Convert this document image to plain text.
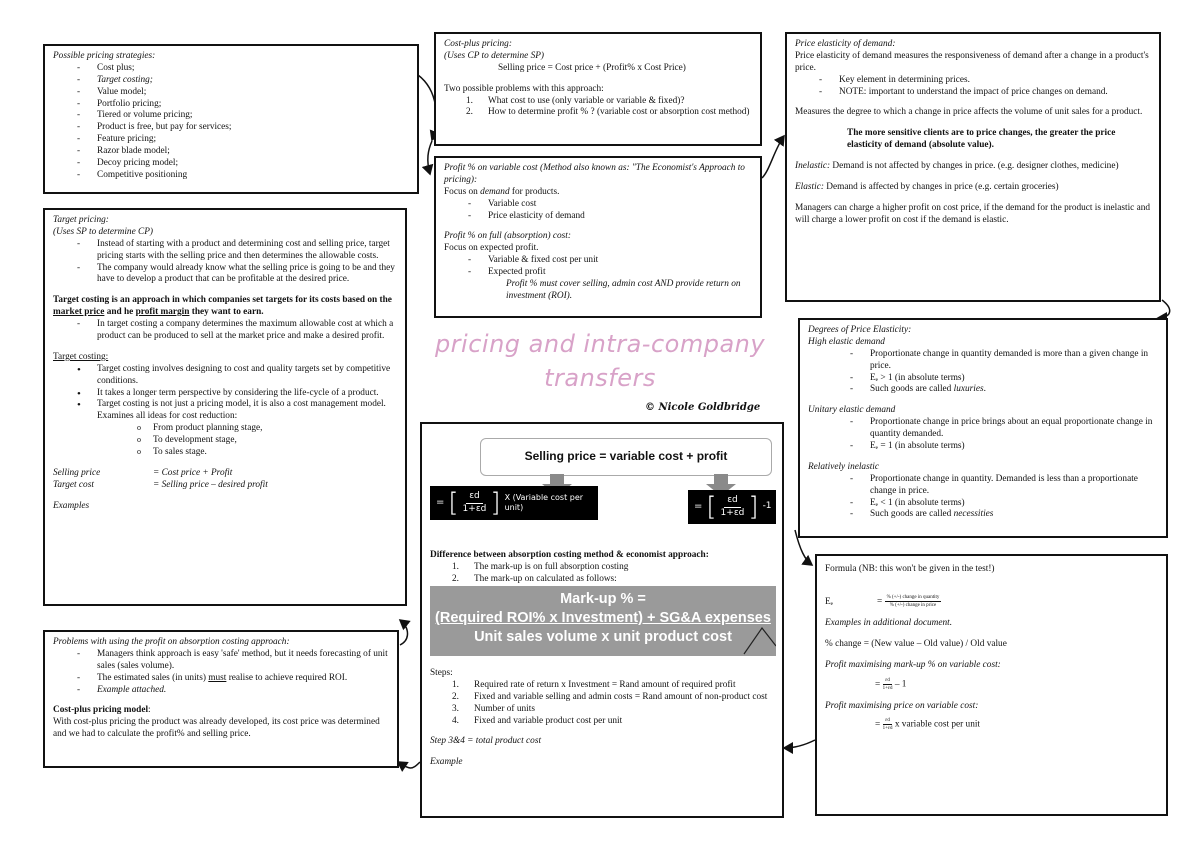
Possible pricing strategies:

- Cost plus;
- Target costing;
- Value model;
- Portfolio pricing;
- Tiered or volume pricing;
- Product is free, but pay for services;
- Feature pricing;
- Razor blade model;
- Decoy pricing model;
- Competitive positioning

Cost-plus pricing:

(Uses CP to determine SP)

Selling price = Cost price + (Profit% x Cost Price)

Two possible problems with this approach:

1. What cost to use (only variable or variable & fixed)?
2. How to determine profit % ? (variable cost or absorption cost method)

Profit % on variable cost (Method also known as: "The Economist's Approach to pricing):

Focus on demand for products.

- Variable cost
- Price elasticity of demand

Profit % on full (absorption) cost:

Focus on expected profit.

- Variable & fixed cost per unit
- Expected profit

Profit % must cover selling, admin cost AND provide return on investment (ROI).

Price elasticity of demand:

Price elasticity of demand measures the responsiveness of demand after a change in a product's price.

- Key element in determining prices.
- NOTE: important to understand the impact of price changes on demand.

Measures the degree to which a change in price affects the volume of unit sales for a product.

The more sensitive clients are to price changes, the greater the price elasticity of demand (absolute value).

Inelastic: Demand is not affected by changes in price. (e.g. designer clothes, medicine)

Elastic: Demand is affected by changes in price (e.g. certain groceries)

Managers can charge a higher profit on cost price, if the demand for the product is inelastic and will charge a lower profit on cost if the demand is elastic.

Target pricing:

(Uses SP to determine CP)

- Instead of starting with a product and determining cost and selling price, target pricing starts with the selling price and then determines the allowable costs.
- The company would already know what the selling price is going to be and they have to develop a product that can be profitable at the desired price.

Target costing is an approach in which companies set targets for its costs based on the market price and he profit margin they want to earn.

- In target costing a company determines the maximum allowable cost at which a product can be produced to sell at the market price and make a desired profit.

Target costing:

• Target costing involves designing to cost and quality targets set by competitive conditions.
• It takes a longer term perspective by considering the life-cycle of a product.
• Target costing is not just a pricing model, it is also a cost management model. Examines all ideas for cost reduction:
o From product planning stage,
o To development stage,
o To sales stage.

Selling price	= Cost price + Profit

Target cost	= Selling price – desired profit

Examples

pricing and intra-company
transfers
© Nicole Goldbridge

Degrees of Price Elasticity:

High elastic demand

- Proportionate change in quantity demanded is more than a given change in price.
- Eₑ > 1 (in absolute terms)
- Such goods are called luxuries.

Unitary elastic demand

- Proportionate change in price brings about an equal proportionate change in quantity demanded.
- Eₑ = 1 (in absolute terms)

Relatively inelastic

- Proportionate change in quantity. Demanded is less than a proportionate change in price.
- Eₑ < 1 (in absolute terms)
- Such goods are called necessities
Selling price = variable cost + profit
= [ $\frac{\varepsilon d}{1+\varepsilon d}$ ] X (Variable cost per unit)	= [ $\frac{\varepsilon d}{1+\varepsilon d}$ ] -1

Difference between absorption costing method & economist approach:

1. The mark-up is on full absorption costing
2. The mark-up on calculated as follows:
Mark-up % =
(Required ROI% x Investment) + SG&A expenses
Unit sales volume x unit product cost

Steps:

1. Required rate of return x Investment = Rand amount of required profit
2. Fixed and variable selling and admin costs = Rand amount of non-product cost
3. Number of units
4. Fixed and variable product cost per unit

Step 3&4 = total product cost

Example

Problems with using the profit on absorption costing approach:

- Managers think approach is easy 'safe' method, but it needs forecasting of unit sales (sales volume).
- The estimated sales (in units) must realise to achieve required ROI.
- Example attached.

Cost-plus pricing model:

With cost-plus pricing the product was already developed, its cost price was determined and we had to calculate the profit% and selling price.

Formula (NB: this won't be given in the test!)

Eₑ	= % (+/-) change in quantity
% (+/-) change in price

Examples in additional document.

% change = (New value – Old value) / Old value

Profit maximising mark-up % on variable cost:

= $\frac{\varepsilon d}{1+\varepsilon d} - 1$

Profit maximising price on variable cost:

= $\frac{\varepsilon d}{1+\varepsilon d}$ x variable cost per unit
